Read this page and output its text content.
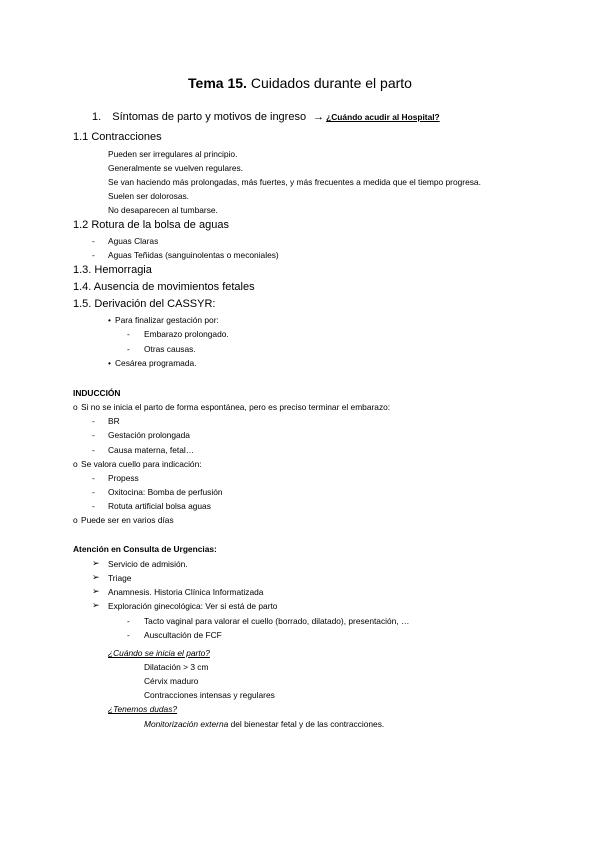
Tema 15. Cuidados durante el parto
1. Síntomas de parto y motivos de ingreso → ¿Cuándo acudir al Hospital?
1.1 Contracciones
Pueden ser irregulares al principio.
Generalmente se vuelven regulares.
Se van haciendo más prolongadas, más fuertes, y más frecuentes a medida que el tiempo progresa.
Suelen ser dolorosas.
No desaparecen al tumbarse.
1.2 Rotura de la bolsa de aguas
- Aguas Claras
- Aguas Teñidas (sanguinolentas o meconiales)
1.3. Hemorragia
1.4. Ausencia de movimientos fetales
1.5. Derivación del CASSYR:
• Para finalizar gestación por:
- Embarazo prolongado.
- Otras causas.
• Cesárea programada.
INDUCCIÓN
o Si no se inicia el parto de forma espontánea, pero es preciso terminar el embarazo:
- BR
- Gestación prolongada
- Causa materna, fetal…
o Se valora cuello para indicación:
- Propess
- Oxitocina: Bomba de perfusión
- Rotuta artificial bolsa aguas
o Puede ser en varios días
Atención en Consulta de Urgencias:
➢ Servicio de admisión.
➢ Triage
➢ Anamnesis. Historia Clínica Informatizada
➢ Exploración ginecológica: Ver si está de parto
- Tacto vaginal para valorar el cuello (borrado, dilatado), presentación, …
- Auscultación de FCF
¿Cuándo se inicia el parto?
Dilatación > 3 cm
Cérvix maduro
Contracciones intensas y regulares
¿Tenemos dudas?
Monitorización externa del bienestar fetal y de las contracciones.
